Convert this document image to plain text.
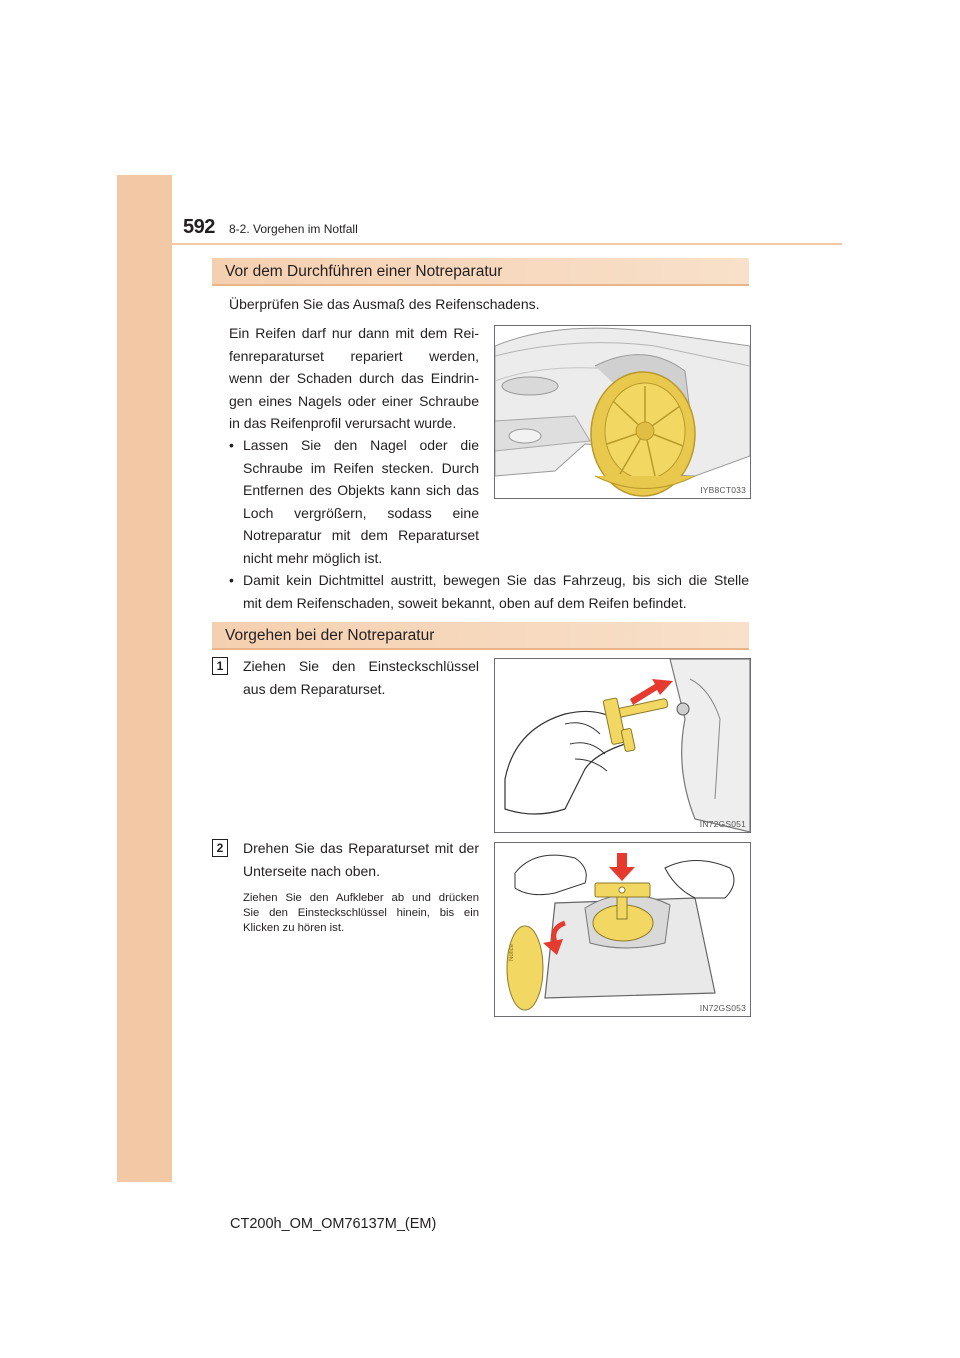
592 8-2. Vorgehen im Notfall
Vor dem Durchführen einer Notreparatur
Überprüfen Sie das Ausmaß des Reifenschadens.
Ein Reifen darf nur dann mit dem Rei-
fenreparaturset repariert werden,
wenn der Schaden durch das Eindrin-
gen eines Nagels oder einer Schraube
in das Reifenprofil verursacht wurde.
• Lassen Sie den Nagel oder die
Schraube im Reifen stecken. Durch
Entfernen des Objekts kann sich das
Loch vergrößern, sodass eine
Notreparatur mit dem Reparaturset
nicht mehr möglich ist.
• Damit kein Dichtmittel austritt, bewegen Sie das Fahrzeug, bis sich die Stelle
mit dem Reifenschaden, soweit bekannt, oben auf dem Reifen befindet.
IYB8CT033
Vorgehen bei der Notreparatur
1	Ziehen Sie den Einsteckschlüssel
aus dem Reparaturset.
IN72GS051
2	Drehen Sie das Reparaturset mit der
Unterseite nach oben.
Ziehen Sie den Aufkleber ab und drücken
Sie den Einsteckschlüssel hinein, bis ein
Klicken zu hören ist.
IN72GS053
Notice
CT200h_OM_OM76137M_(EM)
